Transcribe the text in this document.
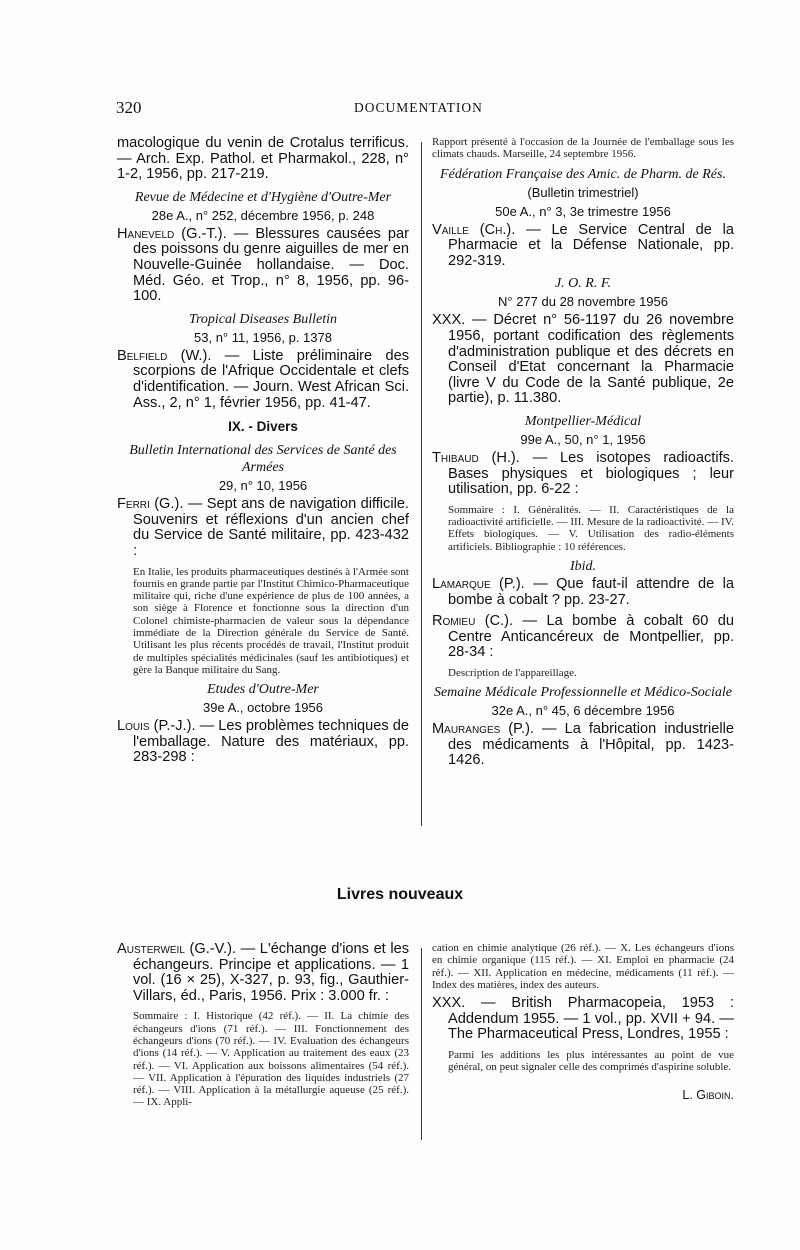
320	DOCUMENTATION

macologique du venin de Crotalus terrificus. — Arch. Exp. Pathol. et Pharmakol., 228, n° 1-2, 1956, pp. 217-219.

Revue de Médecine et d'Hygiène d'Outre-Mer
28e A., n° 252, décembre 1956, p. 248

Haneveld (G.-T.). — Blessures causées par des poissons du genre aiguilles de mer en Nouvelle-Guinée hollandaise. — Doc. Méd. Géo. et Trop., n° 8, 1956, pp. 96-100.

Tropical Diseases Bulletin
53, n° 11, 1956, p. 1378

Belfield (W.). — Liste préliminaire des scorpions de l'Afrique Occidentale et clefs d'identification. — Journ. West African Sci. Ass., 2, n° 1, février 1956, pp. 41-47.

IX. - Divers
Bulletin International des Services de Santé des Armées
29, n° 10, 1956

Ferri (G.). — Sept ans de navigation difficile. Souvenirs et réflexions d'un ancien chef du Service de Santé militaire, pp. 423-432 :

En Italie, les produits pharmaceutiques destinés à l'Armée sont fournis en grande partie par l'Institut Chimico-Pharmaceutique militaire qui, riche d'une expérience de plus de 100 années, a son siège à Florence et fonctionne sous la direction d'un Colonel chimiste-pharmacien de valeur sous la dépendance immédiate de la Direction générale du Service de Santé. Utilisant les plus récents procédés de travail, l'Institut produit de multiples spécialités médicinales (sauf les antibiotiques) et gère la Banque militaire du Sang.

Etudes d'Outre-Mer
39e A., octobre 1956

Louis (P.-J.). — Les problèmes techniques de l'emballage. Nature des matériaux, pp. 283-298 :

Rapport présenté à l'occasion de la Journée de l'emballage sous les climats chauds. Marseille, 24 septembre 1956.

Fédération Française des Amic. de Pharm. de Rés.
(Bulletin trimestriel)
50e A., n° 3, 3e trimestre 1956

Vaille (Ch.). — Le Service Central de la Pharmacie et la Défense Nationale, pp. 292-319.

J. O. R. F.
N° 277 du 28 novembre 1956

XXX. — Décret n° 56-1197 du 26 novembre 1956, portant codification des règlements d'administration publique et des décrets en Conseil d'Etat concernant la Pharmacie (livre V du Code de la Santé publique, 2e partie), p. 11.380.

Montpellier-Médical
99e A., 50, n° 1, 1956

Thibaud (H.). — Les isotopes radioactifs. Bases physiques et biologiques ; leur utilisation, pp. 6-22 :

Sommaire : I. Généralités. — II. Caractéristiques de la radioactivité artificielle. — III. Mesure de la radioactivité. — IV. Effets biologiques. — V. Utilisation des radio-éléments artificiels. Bibliographie : 10 références.

Ibid.

Lamarque (P.). — Que faut-il attendre de la bombe à cobalt ? pp. 23-27.

Romieu (C.). — La bombe à cobalt 60 du Centre Anticancéreux de Montpellier, pp. 28-34 :

Description de l'appareillage.

Semaine Médicale Professionnelle et Médico-Sociale
32e A., n° 45, 6 décembre 1956

Mauranges (P.). — La fabrication industrielle des médicaments à l'Hôpital, pp. 1423-1426.

Livres nouveaux

Austerweil (G.-V.). — L'échange d'ions et les échangeurs. Principe et applications. — 1 vol. (16 × 25), X-327, p. 93, fig., Gauthier-Villars, éd., Paris, 1956. Prix : 3.000 fr. :

Sommaire : I. Historique (42 réf.). — II. La chimie des échangeurs d'ions (71 réf.). — III. Fonctionnement des échangeurs d'ions (70 réf.). — IV. Evaluation des échangeurs d'ions (14 réf.). — V. Application au traitement des eaux (23 réf.). — VI. Application aux boissons alimentaires (54 réf.). — VII. Application à l'épuration des liquides industriels (27 réf.). — VIII. Application à la métallurgie aqueuse (25 réf.). — IX. Appli-

cation en chimie analytique (26 réf.). — X. Les échangeurs d'ions en chimie organique (115 réf.). — XI. Emploi en pharmacie (24 réf.). — XII. Application en médecine, médicaments (11 réf.). — Index des matières, index des auteurs.

XXX. — British Pharmacopeia, 1953 : Addendum 1955. — 1 vol., pp. XVII + 94. — The Pharmaceutical Press, Londres, 1955 :

Parmi les additions les plus intéressantes au point de vue général, on peut signaler celle des comprimés d'aspirine soluble.

L. Giboin.
